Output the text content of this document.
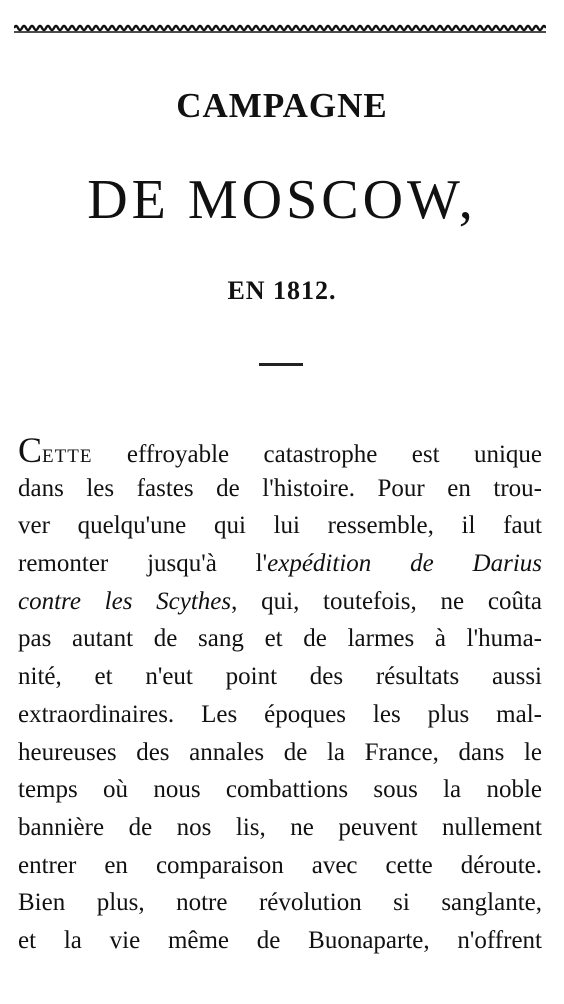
CAMPAGNE
DE MOSCOW,
EN 1812.
CETTE effroyable catastrophe est unique
dans les fastes de l'histoire. Pour en trou-
ver quelqu'une qui lui ressemble, il faut
remonter jusqu'à l'expédition de Darius
contre les Scythes, qui, toutefois, ne coûta
pas autant de sang et de larmes à l'huma-
nité, et n'eut point des résultats aussi
extraordinaires. Les époques les plus mal-
heureuses des annales de la France, dans le
temps où nous combattions sous la noble
bannière de nos lis, ne peuvent nullement
entrer en comparaison avec cette déroute.
Bien plus, notre révolution si sanglante,
et la vie même de Buonaparte, n'offrent
